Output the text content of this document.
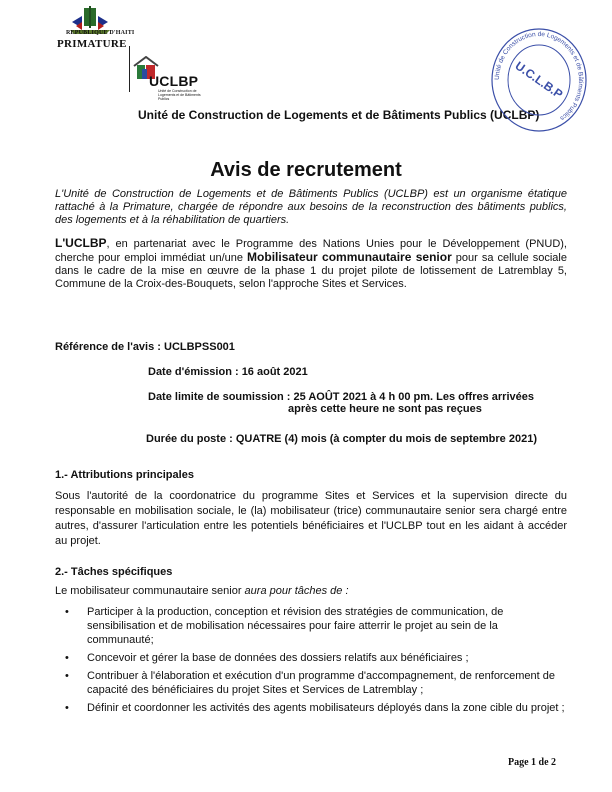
REPUBLIQUE D'HAITI
PRIMATURE
UCLBP
Unité de Construction de Logements et de Bâtiments Publics
Unité de Construction de Logements et de Bâtiments Publics (UCLBP)
Unité de Construction de Logements et de Bâtiments Publics
U.C.L.B.P
Avis de recrutement
L'Unité de Construction de Logements et de Bâtiments Publics (UCLBP) est un organisme étatique rattaché à la Primature, chargée de répondre aux besoins de la reconstruction des bâtiments publics, des logements et à la réhabilitation de quartiers.
L'UCLBP, en partenariat avec le Programme des Nations Unies pour le Développement (PNUD), cherche pour emploi immédiat un/une Mobilisateur communautaire senior pour sa cellule sociale dans le cadre de la mise en œuvre de la phase 1 du projet pilote de lotissement de Latremblay 5, Commune de la Croix-des-Bouquets, selon l'approche Sites et Services.
Référence de l'avis : UCLBPSS001
Date d'émission : 16 août 2021
Date limite de soumission : 25 AOÛT 2021 à 4 h 00 pm. Les offres arrivées
après cette heure ne sont pas reçues
Durée du poste : QUATRE (4) mois (à compter du mois de septembre 2021)
1.- Attributions principales
Sous l'autorité de la coordonatrice du programme Sites et Services et la supervision directe du responsable en mobilisation sociale, le (la) mobilisateur (trice) communautaire senior sera chargé entre autres, d'assurer l'articulation entre les potentiels bénéficiaires et l'UCLBP tout en les aidant à accéder au projet.
2.- Tâches spécifiques
Le mobilisateur communautaire senior aura pour tâches de :
• Participer à la production, conception et révision des stratégies de communication, de sensibilisation et de mobilisation nécessaires pour faire atterrir le projet au sein de la communauté;
• Concevoir et gérer la base de données des dossiers relatifs aux bénéficiaires ;
• Contribuer à l'élaboration et exécution d'un programme d'accompagnement, de renforcement de capacité des bénéficiaires du projet Sites et Services de Latremblay ;
• Définir et coordonner les activités des agents mobilisateurs déployés dans la zone cible du projet ;
Page 1 de 2
